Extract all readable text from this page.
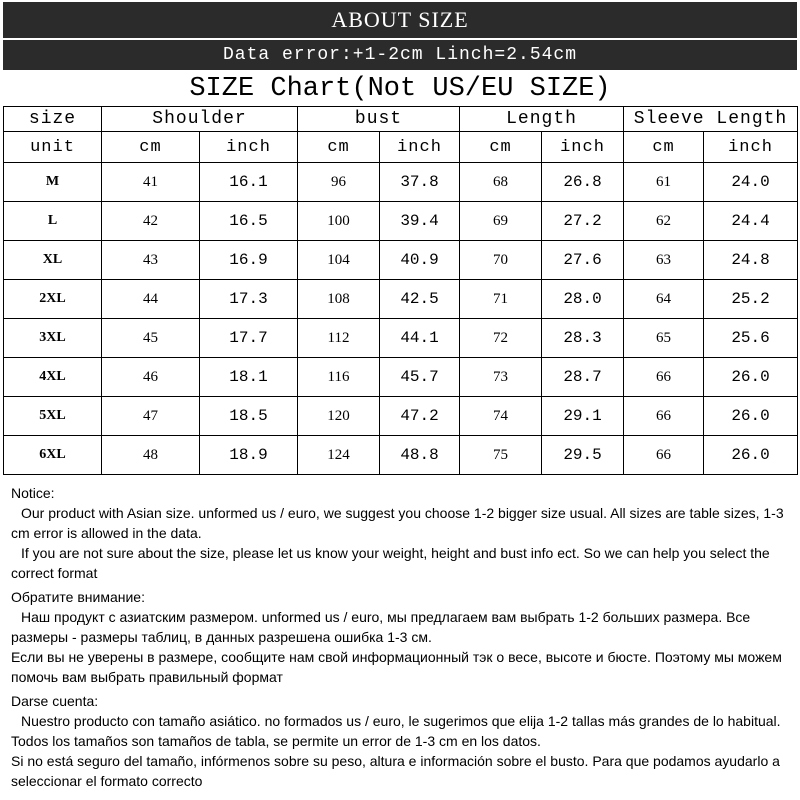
ABOUT SIZE
Data error:+1-2cm Linch=2.54cm
SIZE Chart(Not US/EU SIZE)
size	Shoulder		bust		Length		Sleeve Length	
unit	cm	inch	cm	inch	cm	inch	cm	inch
M	41	16.1	96	37.8	68	26.8	61	24.0
L	42	16.5	100	39.4	69	27.2	62	24.4
XL	43	16.9	104	40.9	70	27.6	63	24.8
2XL	44	17.3	108	42.5	71	28.0	64	25.2
3XL	45	17.7	112	44.1	72	28.3	65	25.6
4XL	46	18.1	116	45.7	73	28.7	66	26.0
5XL	47	18.5	120	47.2	74	29.1	66	26.0
6XL	48	18.9	124	48.8	75	29.5	66	26.0

Notice:

Our product with Asian size. unformed us / euro, we suggest you choose 1-2 bigger size usual. All sizes are table sizes, 1-3 cm error is allowed in the data.

If you are not sure about the size, please let us know your weight, height and bust info ect. So we can help you select the correct format

Обратите внимание:

Наш продукт с азиатским размером. unformed us / euro, мы предлагаем вам выбрать 1-2 больших размера. Все размеры - размеры таблиц, в данных разрешена ошибка 1-3 см.

Если вы не уверены в размере, сообщите нам свой информационный тэк о весе, высоте и бюсте. Поэтому мы можем помочь вам выбрать правильный формат

Darse cuenta:

Nuestro producto con tamaño asiático. no formados us / euro, le sugerimos que elija 1-2 tallas más grandes de lo habitual. Todos los tamaños son tamaños de tabla, se permite un error de 1-3 cm en los datos.

Si no está seguro del tamaño, infórmenos sobre su peso, altura e información sobre el busto. Para que podamos ayudarlo a seleccionar el formato correcto
